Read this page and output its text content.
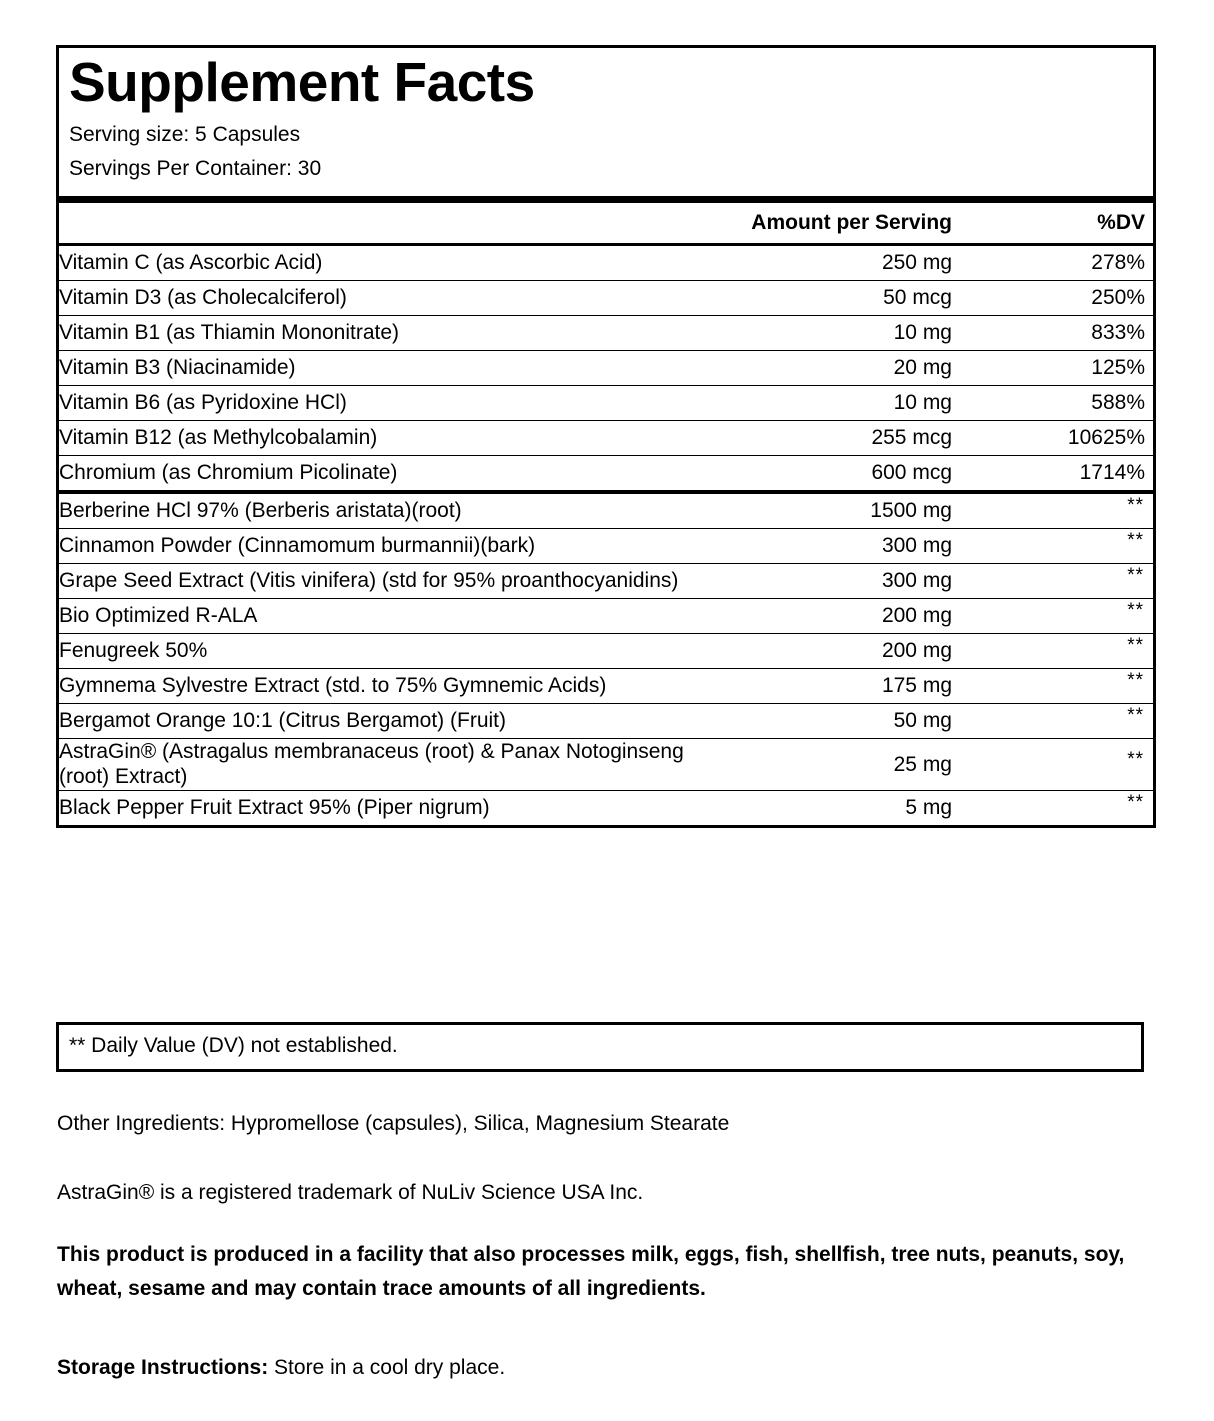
Supplement Facts

Serving size: 5 Capsules

Servings Per Container: 30

	Amount per Serving	%DV
Vitamin C (as Ascorbic Acid)	250 mg	278%
Vitamin D3 (as Cholecalciferol)	50 mcg	250%
Vitamin B1 (as Thiamin Mononitrate)	10 mg	833%
Vitamin B3 (Niacinamide)	20 mg	125%
Vitamin B6 (as Pyridoxine HCl)	10 mg	588%
Vitamin B12 (as Methylcobalamin)	255 mcg	10625%
Chromium (as Chromium Picolinate)	600 mcg	1714%
Berberine HCl 97% (Berberis aristata)(root)	1500 mg	**
Cinnamon Powder (Cinnamomum burmannii)(bark)	300 mg	**
Grape Seed Extract (Vitis vinifera) (std for 95% proanthocyanidins)	300 mg	**
Bio Optimized R-ALA	200 mg	**
Fenugreek 50%	200 mg	**
Gymnema Sylvestre Extract (std. to 75% Gymnemic Acids)	175 mg	**
Bergamot Orange 10:1 (Citrus Bergamot) (Fruit)	50 mg	**
AstraGin® (Astragalus membranaceus (root) & Panax Notoginseng (root) Extract)	25 mg	**
Black Pepper Fruit Extract 95% (Piper nigrum)	5 mg	**
** Daily Value (DV) not established.
Other Ingredients: Hypromellose (capsules), Silica, Magnesium Stearate
AstraGin® is a registered trademark of NuLiv Science USA Inc.
This product is produced in a facility that also processes milk, eggs, fish, shellfish, tree nuts, peanuts, soy, wheat, sesame and may contain trace amounts of all ingredients.
Storage Instructions: Store in a cool dry place.
